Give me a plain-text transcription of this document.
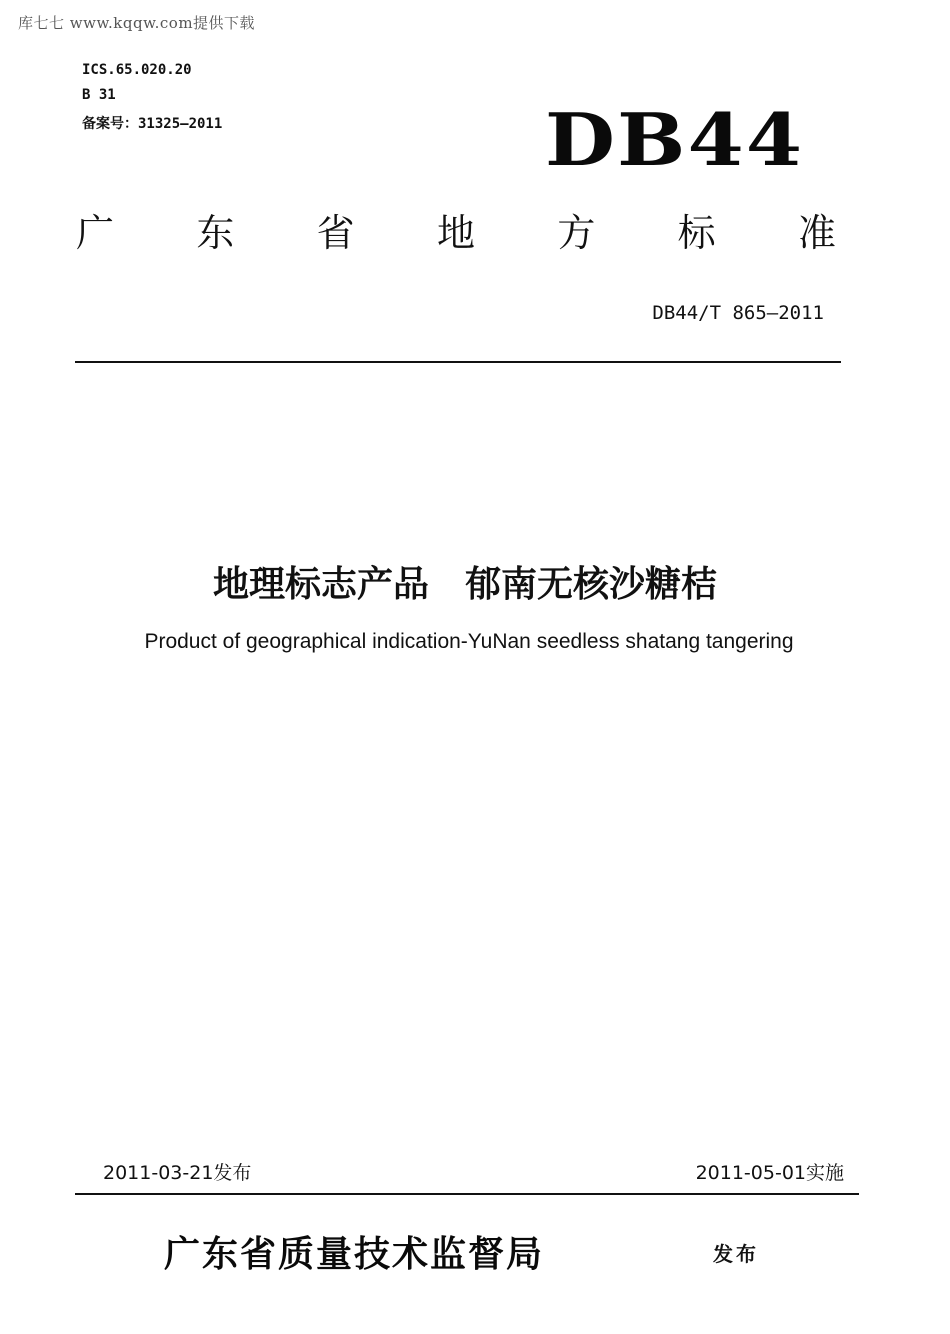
库七七 www.kqqw.com提供下载
ICS.65.020.20
B 31
备案号：31325—2011	DB44
广 东 省 地 方 标 准
DB44/T 865—2011
地理标志产品　郁南无核沙糖桔
Product of geographical indication-YuNan seedless shatang tangering
2011-03-21发布	2011-05-01实施
广东省质量技术监督局	发布
